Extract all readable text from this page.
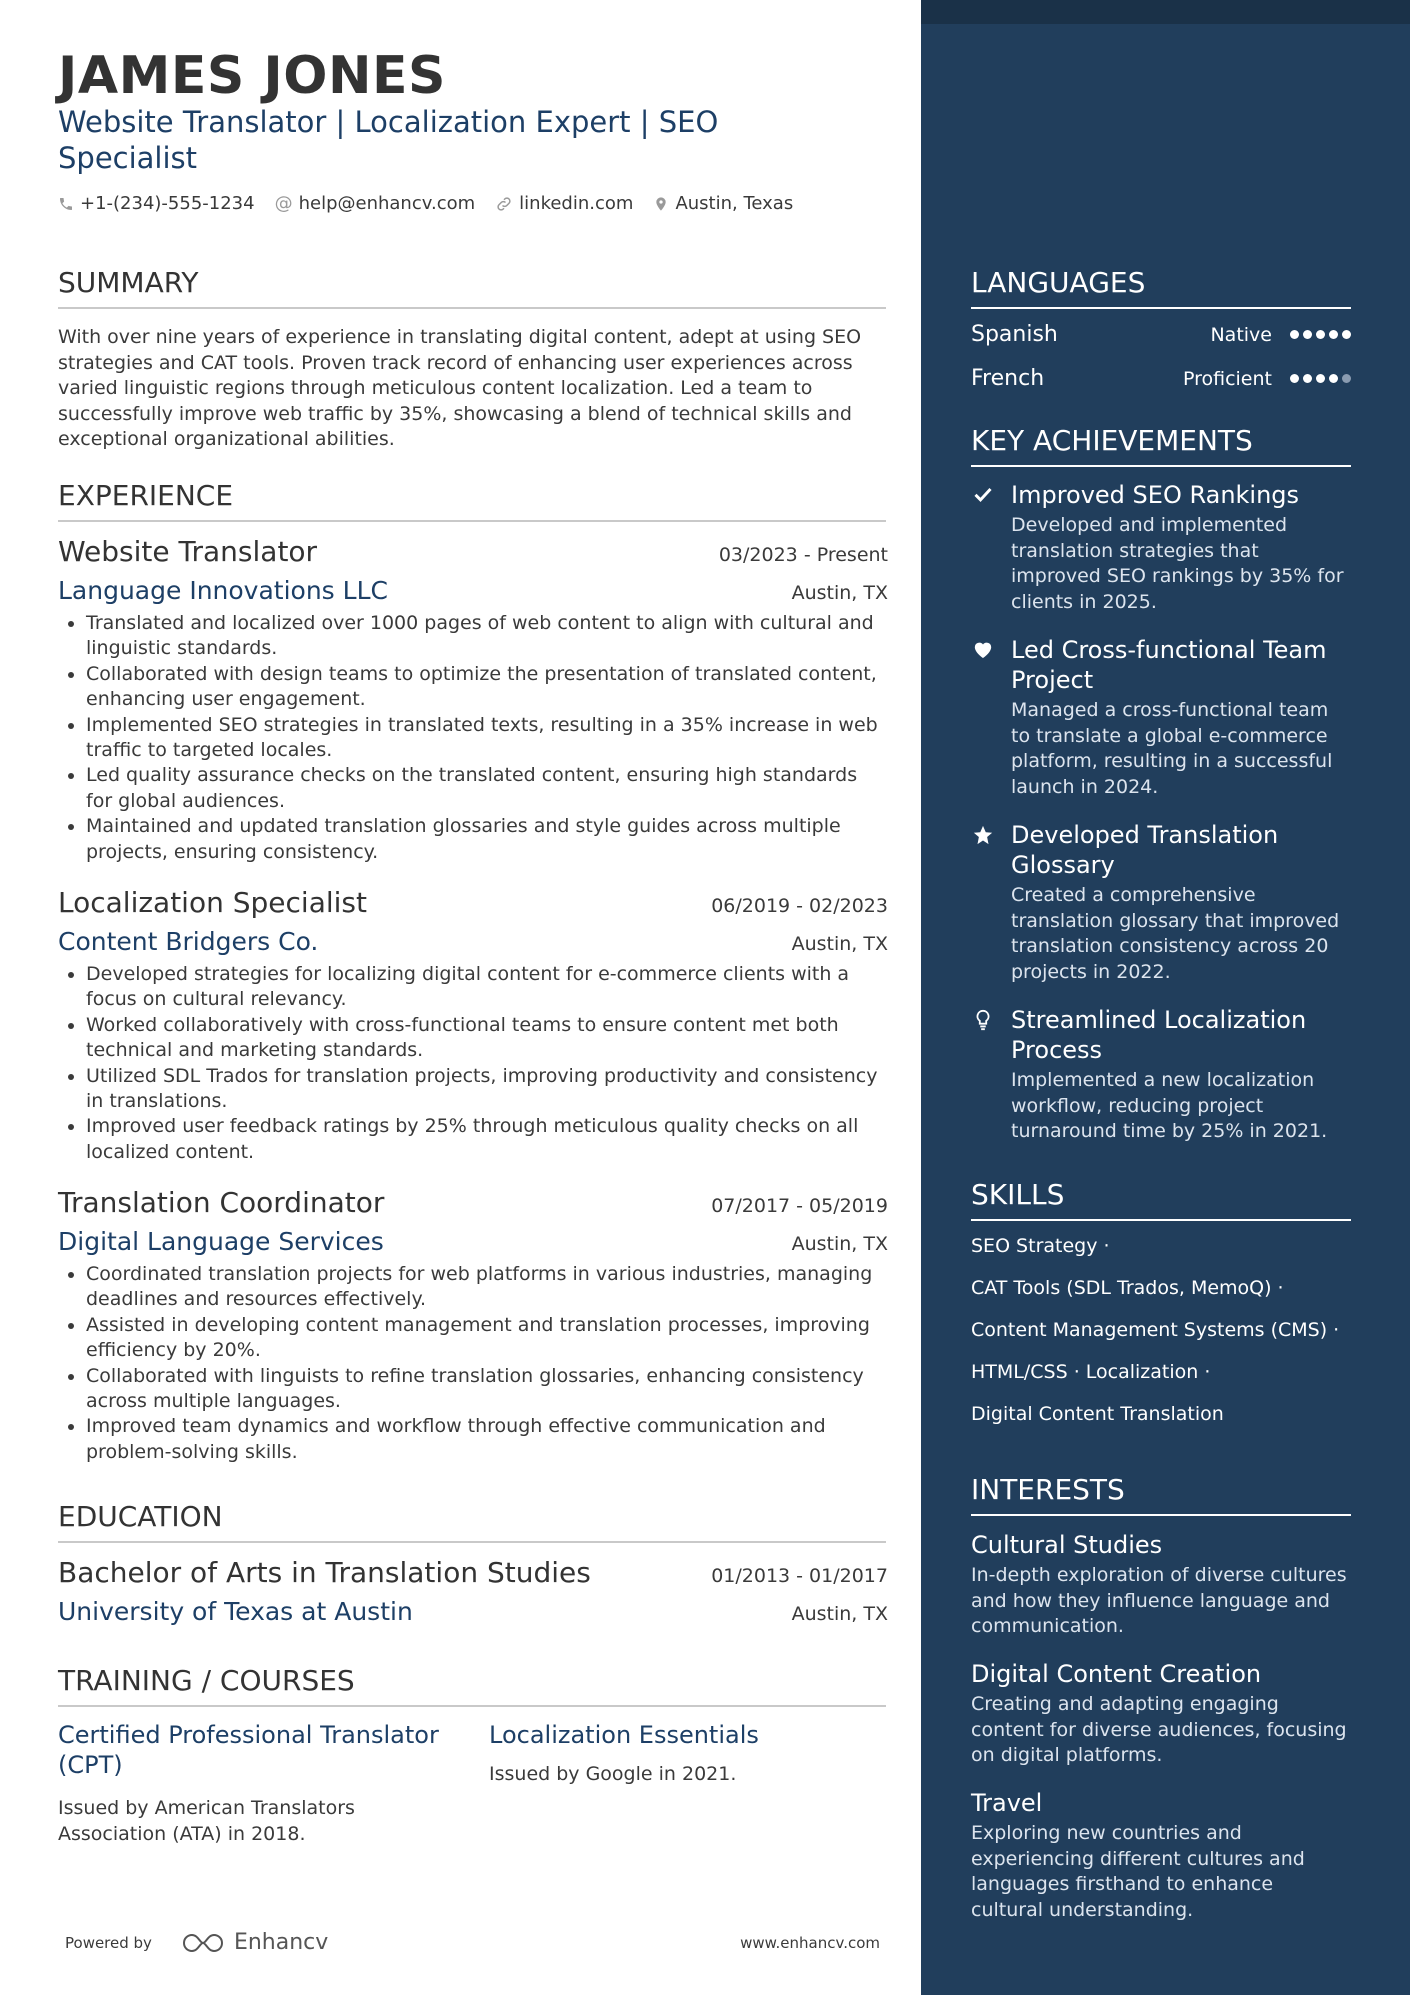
JAMES JONES
Website Translator | Localization Expert | SEO Specialist
+1-(234)-555-1234 @ help@enhancv.com linkedin.com Austin, Texas
SUMMARY
With over nine years of experience in translating digital content, adept at using SEO strategies and CAT tools. Proven track record of enhancing user experiences across varied linguistic regions through meticulous content localization. Led a team to successfully improve web traffic by 35%, showcasing a blend of technical skills and exceptional organizational abilities.
EXPERIENCE
Website Translator	03/2023 - Present
Language Innovations LLC	Austin, TX
• Translated and localized over 1000 pages of web content to align with cultural and linguistic standards.
• Collaborated with design teams to optimize the presentation of translated content, enhancing user engagement.
• Implemented SEO strategies in translated texts, resulting in a 35% increase in web traffic to targeted locales.
• Led quality assurance checks on the translated content, ensuring high standards for global audiences.
• Maintained and updated translation glossaries and style guides across multiple projects, ensuring consistency.
Localization Specialist	06/2019 - 02/2023
Content Bridgers Co.	Austin, TX
• Developed strategies for localizing digital content for e-commerce clients with a focus on cultural relevancy.
• Worked collaboratively with cross-functional teams to ensure content met both technical and marketing standards.
• Utilized SDL Trados for translation projects, improving productivity and consistency in translations.
• Improved user feedback ratings by 25% through meticulous quality checks on all localized content.
Translation Coordinator	07/2017 - 05/2019
Digital Language Services	Austin, TX
• Coordinated translation projects for web platforms in various industries, managing deadlines and resources effectively.
• Assisted in developing content management and translation processes, improving efficiency by 20%.
• Collaborated with linguists to refine translation glossaries, enhancing consistency across multiple languages.
• Improved team dynamics and workflow through effective communication and problem-solving skills.
EDUCATION
Bachelor of Arts in Translation Studies	01/2013 - 01/2017
University of Texas at Austin	Austin, TX
TRAINING / COURSES
Certified Professional Translator (CPT)
Issued by American Translators Association (ATA) in 2018.
Localization Essentials
Issued by Google in 2021.
Powered by	Enhancv	www.enhancv.com
LANGUAGES
Spanish	Native
French	Proficient
KEY ACHIEVEMENTS
Improved SEO Rankings
Developed and implemented translation strategies that improved SEO rankings by 35% for clients in 2025.
Led Cross-functional Team Project
Managed a cross-functional team to translate a global e-commerce platform, resulting in a successful launch in 2024.
Developed Translation Glossary
Created a comprehensive translation glossary that improved translation consistency across 20 projects in 2022.
Streamlined Localization Process
Implemented a new localization workflow, reducing project turnaround time by 25% in 2021.
SKILLS
SEO Strategy ·
CAT Tools (SDL Trados, MemoQ) ·
Content Management Systems (CMS) ·
HTML/CSS · Localization ·
Digital Content Translation
INTERESTS
Cultural Studies
In-depth exploration of diverse cultures and how they influence language and communication.
Digital Content Creation
Creating and adapting engaging content for diverse audiences, focusing on digital platforms.
Travel
Exploring new countries and experiencing different cultures and languages firsthand to enhance cultural understanding.
